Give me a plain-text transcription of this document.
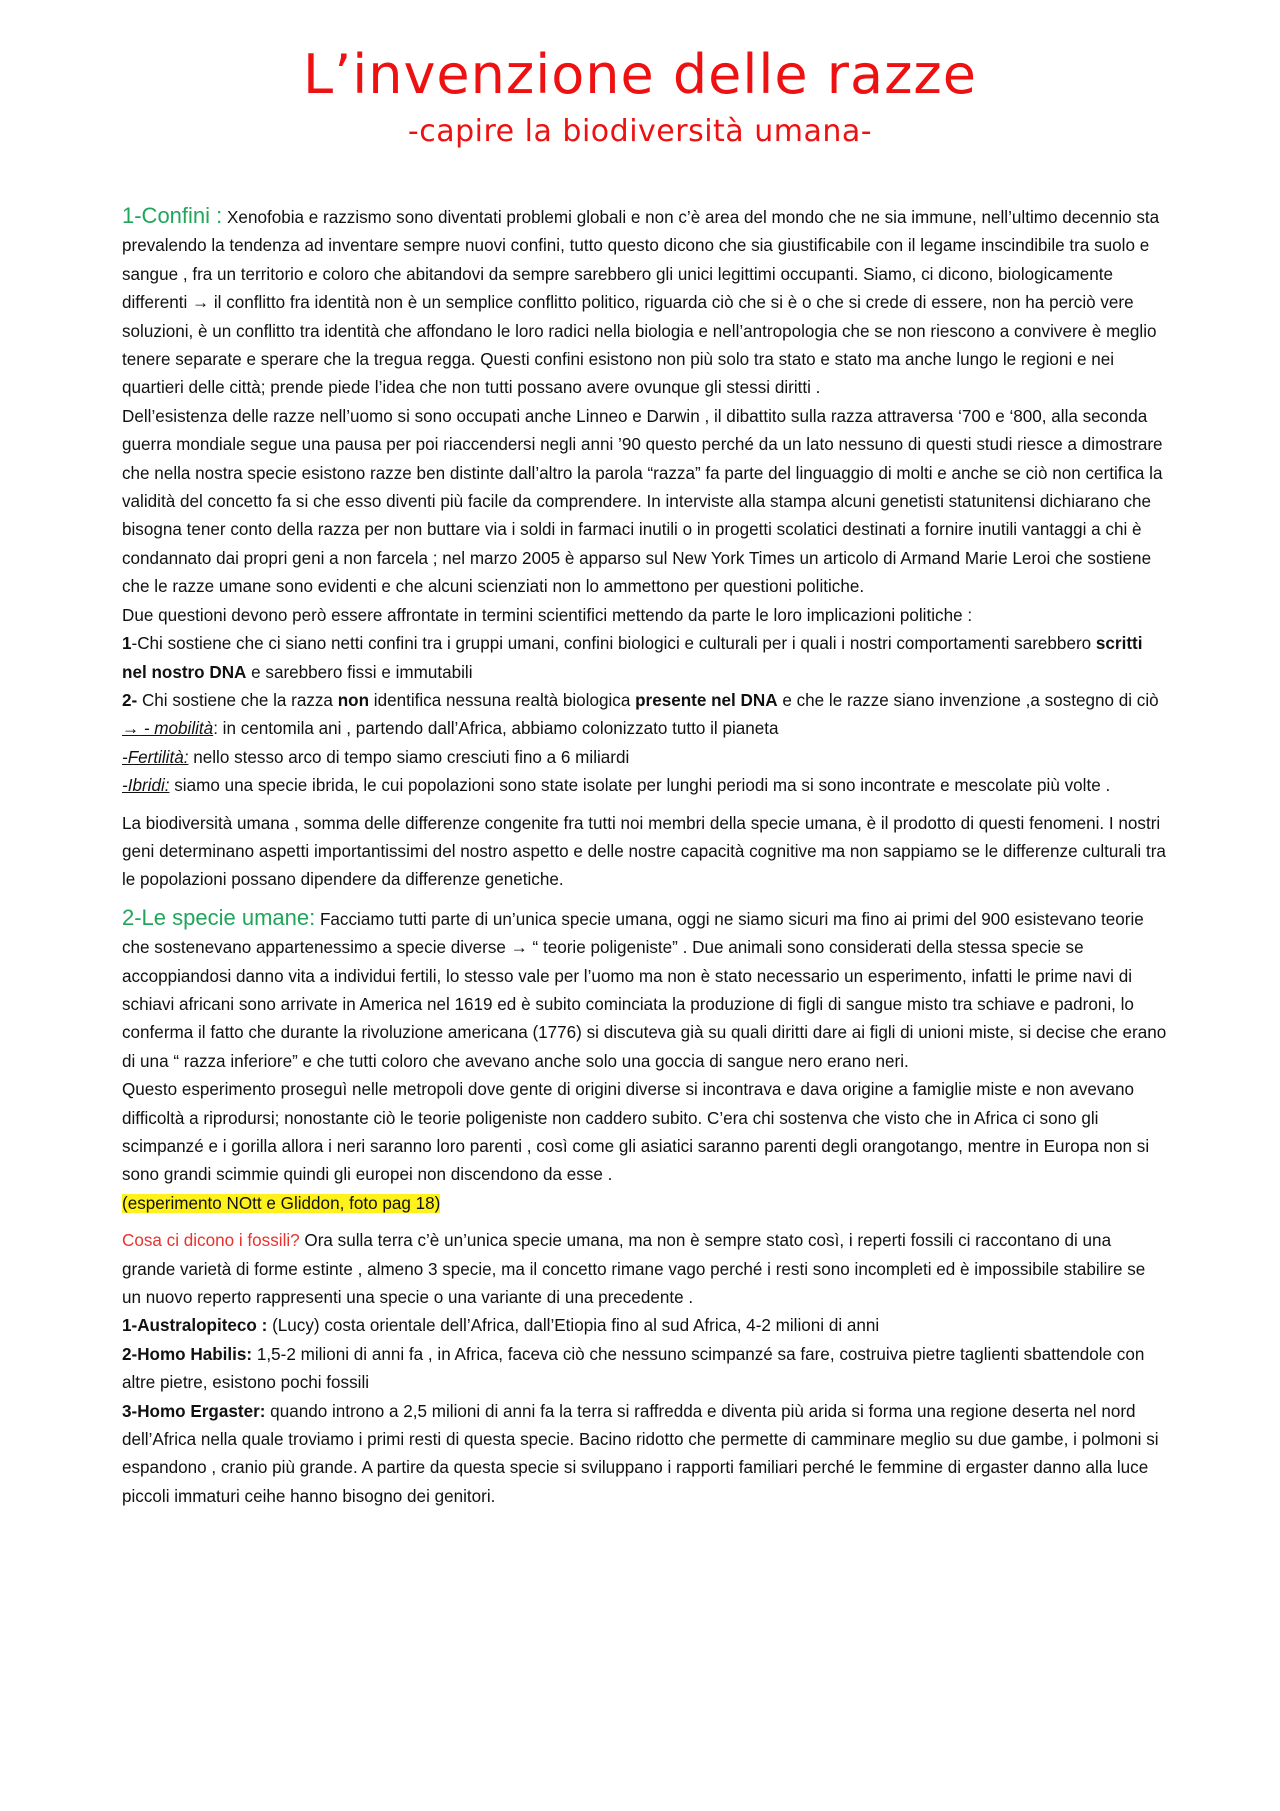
L’invenzione delle razze
-capire la biodiversità umana-

1-Confini : Xenofobia e razzismo sono diventati problemi globali e non c’è area del mondo che ne sia immune, nell’ultimo decennio sta prevalendo la tendenza ad inventare sempre nuovi confini, tutto questo dicono che sia giustificabile con il legame inscindibile tra suolo e sangue , fra un territorio e coloro che abitandovi da sempre sarebbero gli unici legittimi occupanti. Siamo, ci dicono, biologicamente differenti → il conflitto fra identità non è un semplice conflitto politico, riguarda ciò che si è o che si crede di essere, non ha perciò vere soluzioni, è un conflitto tra identità che affondano le loro radici nella biologia e nell’antropologia che se non riescono a convivere è meglio tenere separate e sperare che la tregua regga. Questi confini esistono non più solo tra stato e stato ma anche lungo le regioni e nei quartieri delle città; prende piede l’idea che non tutti possano avere ovunque gli stessi diritti .

Dell’esistenza delle razze nell’uomo si sono occupati anche Linneo e Darwin , il dibattito sulla razza attraversa ‘700 e ‘800, alla seconda guerra mondiale segue una pausa per poi riaccendersi negli anni ’90 questo perché da un lato nessuno di questi studi riesce a dimostrare che nella nostra specie esistono razze ben distinte dall’altro la parola “razza” fa parte del linguaggio di molti e anche se ciò non certifica la validità del concetto fa si che esso diventi più facile da comprendere. In interviste alla stampa alcuni genetisti statunitensi dichiarano che bisogna tener conto della razza per non buttare via i soldi in farmaci inutili o in progetti scolatici destinati a fornire inutili vantaggi a chi è condannato dai propri geni a non farcela ; nel marzo 2005 è apparso sul New York Times un articolo di Armand Marie Leroi che sostiene che le razze umane sono evidenti e che alcuni scienziati non lo ammettono per questioni politiche.

Due questioni devono però essere affrontate in termini scientifici mettendo da parte le loro implicazioni politiche :

1-Chi sostiene che ci siano netti confini tra i gruppi umani, confini biologici e culturali per i quali i nostri comportamenti sarebbero scritti nel nostro DNA e sarebbero fissi e immutabili

2- Chi sostiene che la razza non identifica nessuna realtà biologica presente nel DNA e che le razze siano invenzione ,a sostegno di ciò → - mobilità: in centomila ani , partendo dall’Africa, abbiamo colonizzato tutto il pianeta

-Fertilità: nello stesso arco di tempo siamo cresciuti fino a 6 miliardi

-Ibridi: siamo una specie ibrida, le cui popolazioni sono state isolate per lunghi periodi ma si sono incontrate e mescolate più volte .

La biodiversità umana , somma delle differenze congenite fra tutti noi membri della specie umana, è il prodotto di questi fenomeni. I nostri geni determinano aspetti importantissimi del nostro aspetto e delle nostre capacità cognitive ma non sappiamo se le differenze culturali tra le popolazioni possano dipendere da differenze genetiche.

2-Le specie umane: Facciamo tutti parte di un’unica specie umana, oggi ne siamo sicuri ma fino ai primi del 900 esistevano teorie che sostenevano appartenessimo a specie diverse → “ teorie poligeniste” . Due animali sono considerati della stessa specie se accoppiandosi danno vita a individui fertili, lo stesso vale per l’uomo ma non è stato necessario un esperimento, infatti le prime navi di schiavi africani sono arrivate in America nel 1619 ed è subito cominciata la produzione di figli di sangue misto tra schiave e padroni, lo conferma il fatto che durante la rivoluzione americana (1776) si discuteva già su quali diritti dare ai figli di unioni miste, si decise che erano di una “ razza inferiore” e che tutti coloro che avevano anche solo una goccia di sangue nero erano neri.

Questo esperimento proseguì nelle metropoli dove gente di origini diverse si incontrava e dava origine a famiglie miste e non avevano difficoltà a riprodursi; nonostante ciò le teorie poligeniste non caddero subito. C’era chi sostenva che visto che in Africa ci sono gli scimpanzé e i gorilla allora i neri saranno loro parenti , così come gli asiatici saranno parenti degli orangotango, mentre in Europa non si sono grandi scimmie quindi gli europei non discendono da esse .

(esperimento NOtt e Gliddon, foto pag 18)

Cosa ci dicono i fossili? Ora sulla terra c’è un’unica specie umana, ma non è sempre stato così, i reperti fossili ci raccontano di una grande varietà di forme estinte , almeno 3 specie, ma il concetto rimane vago perché i resti sono incompleti ed è impossibile stabilire se un nuovo reperto rappresenti una specie o una variante di una precedente .

1-Australopiteco : (Lucy) costa orientale dell’Africa, dall’Etiopia fino al sud Africa, 4-2 milioni di anni

2-Homo Habilis: 1,5-2 milioni di anni fa , in Africa, faceva ciò che nessuno scimpanzé sa fare, costruiva pietre taglienti sbattendole con altre pietre, esistono pochi fossili

3-Homo Ergaster: quando introno a 2,5 milioni di anni fa la terra si raffredda e diventa più arida si forma una regione deserta nel nord dell’Africa nella quale troviamo i primi resti di questa specie. Bacino ridotto che permette di camminare meglio su due gambe, i polmoni si espandono , cranio più grande. A partire da questa specie si sviluppano i rapporti familiari perché le femmine di ergaster danno alla luce piccoli immaturi ceihe hanno bisogno dei genitori.
